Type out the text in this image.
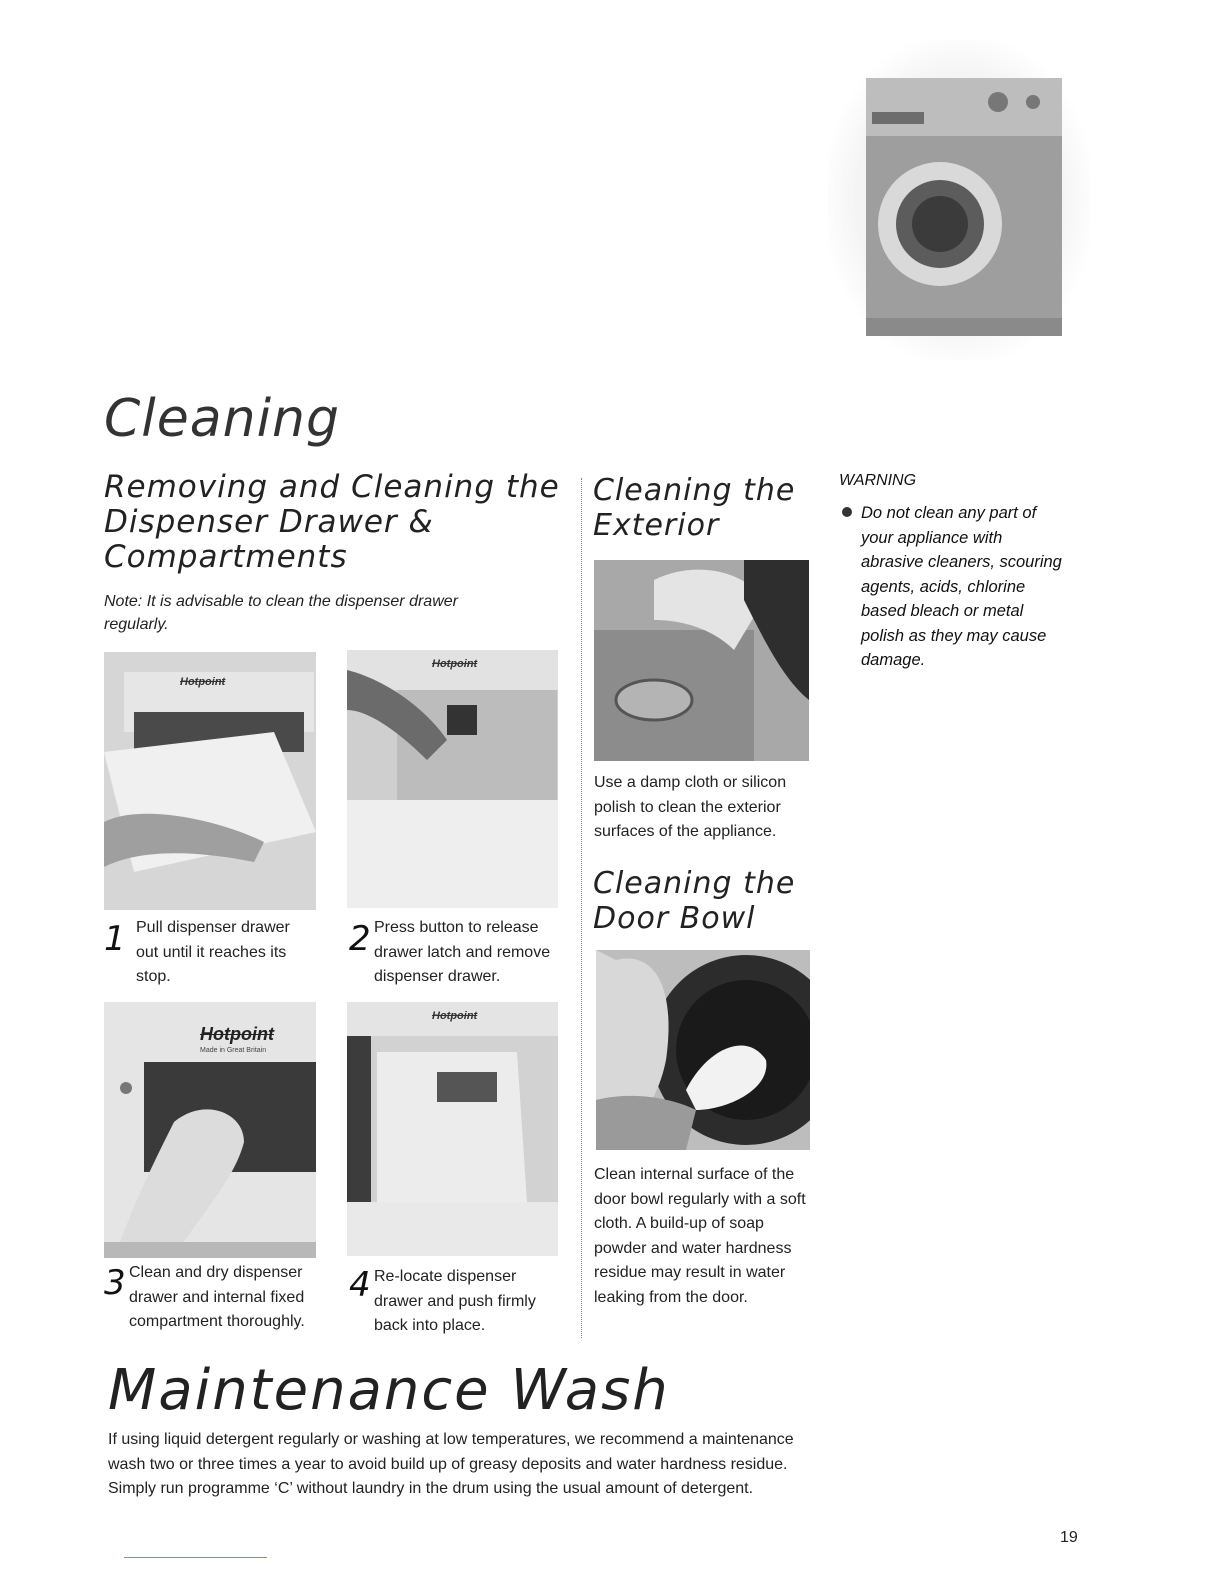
Cleaning
Removing and Cleaning the Dispenser Drawer & Compartments
Note: It is advisable to clean the dispenser drawer regularly.
Hotpoint
Hotpoint
1 Pull dispenser drawer out until it reaches its stop.
2 Press button to release drawer latch and remove dispenser drawer.
Hotpoint
Made in Great Britain
Hotpoint
3 Clean and dry dispenser drawer and internal fixed compartment thoroughly.
4 Re-locate dispenser drawer and push firmly back into place.
Cleaning the Exterior
Use a damp cloth or silicon polish to clean the exterior surfaces of the appliance.
Cleaning the Door Bowl
Clean internal surface of the door bowl regularly with a soft cloth. A build-up of soap powder and water hardness residue may result in water leaking from the door.
WARNING
Do not clean any part of your appliance with abrasive cleaners, scouring agents, acids, chlorine based bleach or metal polish as they may cause damage.
Maintenance Wash
If using liquid detergent regularly or washing at low temperatures, we recommend a maintenance wash two or three times a year to avoid build up of greasy deposits and water hardness residue. Simply run programme ‘C’ without laundry in the drum using the usual amount of detergent.
19
